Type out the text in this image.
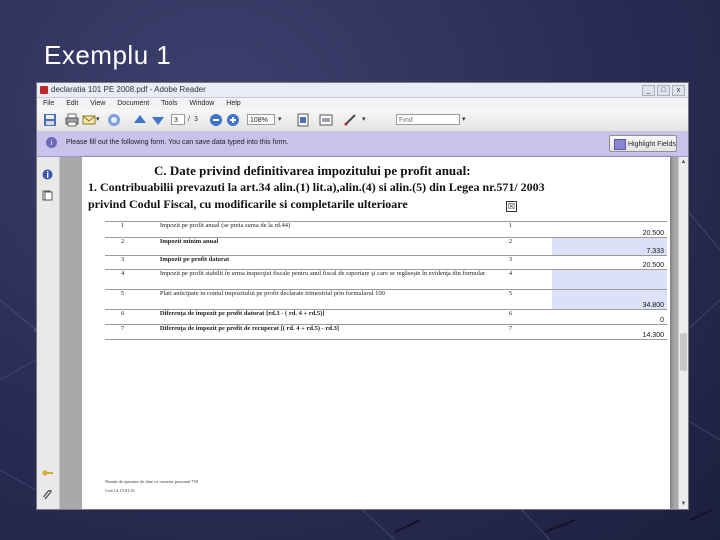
Exemplu 1
declaratia 101 PE 2008.pdf - Adobe Reader	_	□	x
File Edit View Document Tools Window Help
▾	3	/ 3	108%	▾	▾	Find	▾
i	Please fill out the following form. You can save data typed into this form.	Highlight Fields
C. Date privind definitivarea impozitului pe profit anual:
1. Contribuabilii prevazuti la art.34 alin.(1) lit.a),alin.(4) si alin.(5) din Legea nr.571/ 2003
privind Codul Fiscal, cu modificarile si completarile ulterioare	☒
1	Impozit pe profit anual (se preia suma de la rd.44)	1	20.500
2	Impozit minim anual	2	7.333
3	Impozit pe profit datorat	3	20.500
4	Impozit pe profit stabilit în urma inspecţiei fiscale pentru anul fiscal de raportare şi care se regăseşte în evidenţa din formular	4	
5	Plati anticipate in contul impozitului pe profit declarate trimestrial prin formularul 100	5	34.800
6	Diferenţa de impozit pe profit datorat [rd.3 - ( rd. 4 + rd.5)]	6	0
7	Diferenţa de impozit pe profit de recuperat [( rd. 4 + rd.5) - rd.3]	7	14.300
Număr de operator de date cu caracter personal 759
Cod 14.13.01.01
▲
▼
